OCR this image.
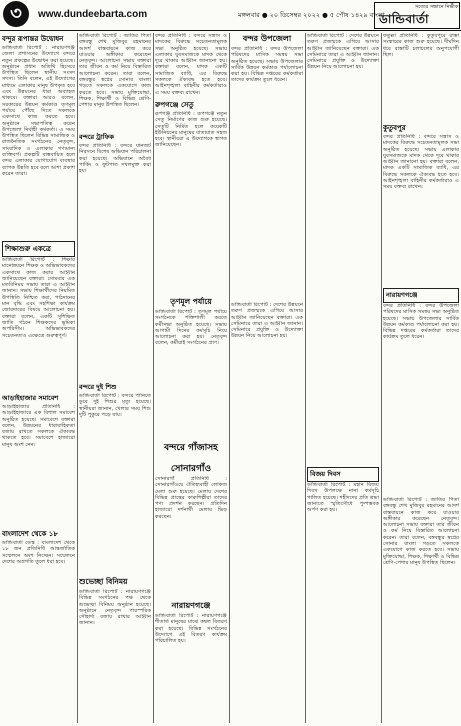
৩	www.dundeebarta.com	মঙ্গলবার ● ২০ ডিসেম্বর ২০২২ ● ৫ পৌষ ১৪২৯ বাংলা
সত্যের সন্ধানে নির্ভীক
ডান্ডিবার্তা
বন্দুর রূপান্তর উদ্বোধন
ডান্ডিবার্তা রিপোর্ট : নারায়ণগঞ্জ জেলা প্রশাসনের উদ্যোগে বন্দরে নতুন প্রকল্পের উদ্বোধন করা হয়েছে। অনুষ্ঠানে প্রধান অতিথি হিসেবে উপস্থিত ছিলেন স্থানীয় সংসদ সদস্য। তিনি বলেন, এই উদ্যোগের মাধ্যমে এলাকার মানুষ উপকৃত হবে এবং উন্নয়নের ধারা অব্যাহত থাকবে। বক্তারা আরও বলেন, সরকারের উন্নয়ন কর্মকাণ্ড তৃণমূল পর্যায়ে পৌঁছে দিতে সকলকে একসাথে কাজ করতে হবে। অনুষ্ঠানে সভাপতিত্ব করেন উপজেলা নির্বাহী কর্মকর্তা। এ সময় উপস্থিত ছিলেন বিভিন্ন সামাজিক ও রাজনৈতিক সংগঠনের নেতৃবৃন্দ, সাংবাদিক ও এলাকার গণ্যমান্য ব্যক্তিবর্গ। প্রকল্পটি বাস্তবায়িত হলে বন্দর এলাকার যোগাযোগ ব্যবস্থার ব্যাপক উন্নতি হবে বলে আশা প্রকাশ করেন তারা।
শিক্ষাশুরু একত্রে
ডান্ডিবার্তা রিপোর্ট : শিক্ষার মানোন্নয়নে শিক্ষক ও অভিভাবকদের একসাথে কাজ করার আহ্বান জানিয়েছেন বক্তারা। সোমবার এক মতবিনিময় সভায় তারা এ আহ্বান জানান। সভায় শিক্ষার্থীদের নিয়মিত উপস্থিতি নিশ্চিত করা, পাঠদানের মান বৃদ্ধি এবং সহশিক্ষা কার্যক্রম জোরদারের বিষয়ে আলোচনা হয়। বক্তারা বলেন, একটি সুশিক্ষিত জাতি গঠনে শিক্ষকদের ভূমিকা অপরিসীম। অভিভাবকদের সচেতনতাও এক্ষেত্রে গুরুত্বপূর্ণ।
আড়াইহাজার সমাবেশ
আড়াইহাজার প্রতিনিধি : আড়াইহাজারে এক বিশাল সমাবেশ অনুষ্ঠিত হয়েছে। সমাবেশে বক্তারা বলেন, উন্নয়নের ধারাবাহিকতা বজায় রাখতে সকলকে ঐক্যবদ্ধ থাকতে হবে। সমাবেশে হাজারো মানুষ অংশ নেন।
বাংলাদেশ থেকে ১৮
ডান্ডিবার্তা ডেস্ক : বাংলাদেশ থেকে ১৮ জন প্রতিনিধি আন্তর্জাতিক সম্মেলনে অংশ নিচ্ছেন। সম্মেলনে দেশের অগ্রগতি তুলে ধরা হবে।
ডান্ডিবার্তা রিপোর্ট : জাতির পিতা বঙ্গবন্ধু শেখ মুজিবুর রহমানের আদর্শ বাস্তবায়নে কাজ করে যাওয়ার অঙ্গীকার করেছেন নেতৃবৃন্দ। আলোচনা সভায় বক্তারা তার জীবন ও কর্ম নিয়ে বিস্তারিত আলোচনা করেন। তারা বলেন, বঙ্গবন্ধুর স্বপ্নের সোনার বাংলা গড়তে সকলকে একযোগে কাজ করতে হবে। সভায় মুক্তিযোদ্ধা, শিক্ষক, শিক্ষার্থী ও বিভিন্ন শ্রেণি-পেশার মানুষ উপস্থিত ছিলেন।
বন্দরে ট্রাফিক
বন্দর প্রতিনিধি : বন্দরে যানজট নিরসনে বিশেষ অভিযান পরিচালনা করা হয়েছে। অভিযানে অবৈধ পার্কিং ও ফুটপাত দখলমুক্ত করা হয়।
বন্দরে দুই শিশু
ডান্ডিবার্তা রিপোর্ট : বন্দরে পানিতে ডুবে দুই শিশুর মৃত্যু হয়েছে। স্থানীয়রা জানান, খেলার সময় শিশু দুটি পুকুরে পড়ে যায়।
শুভেচ্ছা বিনিময়
ডান্ডিবার্তা রিপোর্ট : নারায়ণগঞ্জে বিভিন্ন সংগঠনের পক্ষ থেকে শুভেচ্ছা বিনিময় অনুষ্ঠান হয়েছে। অনুষ্ঠানে নেতৃবৃন্দ পারস্পরিক সৌহার্দ্য বজায় রাখার আহ্বান জানান।
বন্দর প্রতিনিধি : বন্দরে সন্ত্রাস ও মাদকের বিরুদ্ধে সচেতনতামূলক সভা অনুষ্ঠিত হয়েছে। সভায় এলাকার যুবসমাজকে মাদক থেকে দূরে থাকার আহ্বান জানানো হয়। বক্তারা বলেন, মাদক একটি সামাজিক ব্যাধি, এর বিরুদ্ধে সকলকে ঐক্যবদ্ধ হতে হবে। আইনশৃঙ্খলা বাহিনীর কর্মকর্তারাও এ সময় বক্তব্য রাখেন।
রুপগঞ্জে সেতু
রূপগঞ্জ প্রতিনিধি : রূপগঞ্জে নতুন সেতু নির্মাণের কাজ শুরু হয়েছে। সেতুটি নির্মিত হলে কয়েকটি ইউনিয়নের মানুষের যাতায়াত সহজ হবে। স্থানীয়রা এ উদ্যোগকে স্বাগত জানিয়েছেন।
তৃণমূল পর্যায়ে
ডান্ডিবার্তা রিপোর্ট : তৃণমূল পর্যায়ে সংগঠনকে শক্তিশালী করতে কর্মীসভা অনুষ্ঠিত হয়েছে। সভায় আগামী দিনের কর্মসূচি নিয়ে আলোচনা করা হয়। নেতৃবৃন্দ বলেন, কর্মীরাই সংগঠনের প্রাণ।
বন্দরে গাঁজাসহ
সোনারগাঁও
সোনারগাঁ প্রতিনিধি : সোনারগাঁওয়ে ঐতিহ্যবাহী লোকজ মেলা শুরু হয়েছে। মেলায় দেশের বিভিন্ন প্রান্তের কারুশিল্পীরা তাদের পণ্য প্রদর্শন করছেন। প্রতিদিন হাজারো দর্শনার্থী মেলায় ভিড় করছেন।
নারায়ণগঞ্জে
ডান্ডিবার্তা রিপোর্ট : নারায়ণগঞ্জে শীতার্ত মানুষের মাঝে কম্বল বিতরণ করা হয়েছে। বিভিন্ন সংগঠনের উদ্যোগে এই বিতরণ কার্যক্রম পরিচালিত হয়।
বন্দর উপজেলা
বন্দর প্রতিনিধি : বন্দর উপজেলা পরিষদের মাসিক সমন্বয় সভা অনুষ্ঠিত হয়েছে। সভায় উপজেলার সার্বিক উন্নয়ন কর্মকাণ্ড পর্যালোচনা করা হয়। বিভিন্ন দপ্তরের কর্মকর্তারা তাদের কার্যক্রম তুলে ধরেন।
ডান্ডিবার্তা রিপোর্ট : দেশের উন্নয়নে তরুণ প্রজন্মকে এগিয়ে আসার আহ্বান জানিয়েছেন বক্তারা। এক সেমিনারে তারা এ আহ্বান জানান। সেমিনারে প্রযুক্তি ও উদ্যোক্তা উন্নয়ন নিয়ে আলোচনা হয়।
ডান্ডিবার্তা রিপোর্ট : দেশের উন্নয়নে তরুণ প্রজন্মকে এগিয়ে আসার আহ্বান জানিয়েছেন বক্তারা। এক সেমিনারে তারা এ আহ্বান জানান। সেমিনারে প্রযুক্তি ও উদ্যোক্তা উন্নয়ন নিয়ে আলোচনা হয়।
বিজয় দিবস
ডান্ডিবার্তা রিপোর্ট : মহান বিজয় দিবস উপলক্ষে নানা কর্মসূচি পালিত হয়েছে। শহীদদের প্রতি শ্রদ্ধা জানাতে স্মৃতিসৌধে পুষ্পস্তবক অর্পণ করা হয়।
ফতুল্লা প্রতিনিধি : কুতুবপুরে রাস্তা সংস্কারের কাজ শুরু হয়েছে। দীর্ঘদিন ধরে রাস্তাটি চলাচলের অনুপযোগী ছিল।
কুতুবপুর
বন্দর প্রতিনিধি : বন্দরে সন্ত্রাস ও মাদকের বিরুদ্ধে সচেতনতামূলক সভা অনুষ্ঠিত হয়েছে। সভায় এলাকার যুবসমাজকে মাদক থেকে দূরে থাকার আহ্বান জানানো হয়। বক্তারা বলেন, মাদক একটি সামাজিক ব্যাধি, এর বিরুদ্ধে সকলকে ঐক্যবদ্ধ হতে হবে। আইনশৃঙ্খলা বাহিনীর কর্মকর্তারাও এ সময় বক্তব্য রাখেন।
নারায়ণগঞ্জে
বন্দর প্রতিনিধি : বন্দর উপজেলা পরিষদের মাসিক সমন্বয় সভা অনুষ্ঠিত হয়েছে। সভায় উপজেলার সার্বিক উন্নয়ন কর্মকাণ্ড পর্যালোচনা করা হয়। বিভিন্ন দপ্তরের কর্মকর্তারা তাদের কার্যক্রম তুলে ধরেন।
ডান্ডিবার্তা রিপোর্ট : জাতির পিতা বঙ্গবন্ধু শেখ মুজিবুর রহমানের আদর্শ বাস্তবায়নে কাজ করে যাওয়ার অঙ্গীকার করেছেন নেতৃবৃন্দ। আলোচনা সভায় বক্তারা তার জীবন ও কর্ম নিয়ে বিস্তারিত আলোচনা করেন। তারা বলেন, বঙ্গবন্ধুর স্বপ্নের সোনার বাংলা গড়তে সকলকে একযোগে কাজ করতে হবে। সভায় মুক্তিযোদ্ধা, শিক্ষক, শিক্ষার্থী ও বিভিন্ন শ্রেণি-পেশার মানুষ উপস্থিত ছিলেন।
